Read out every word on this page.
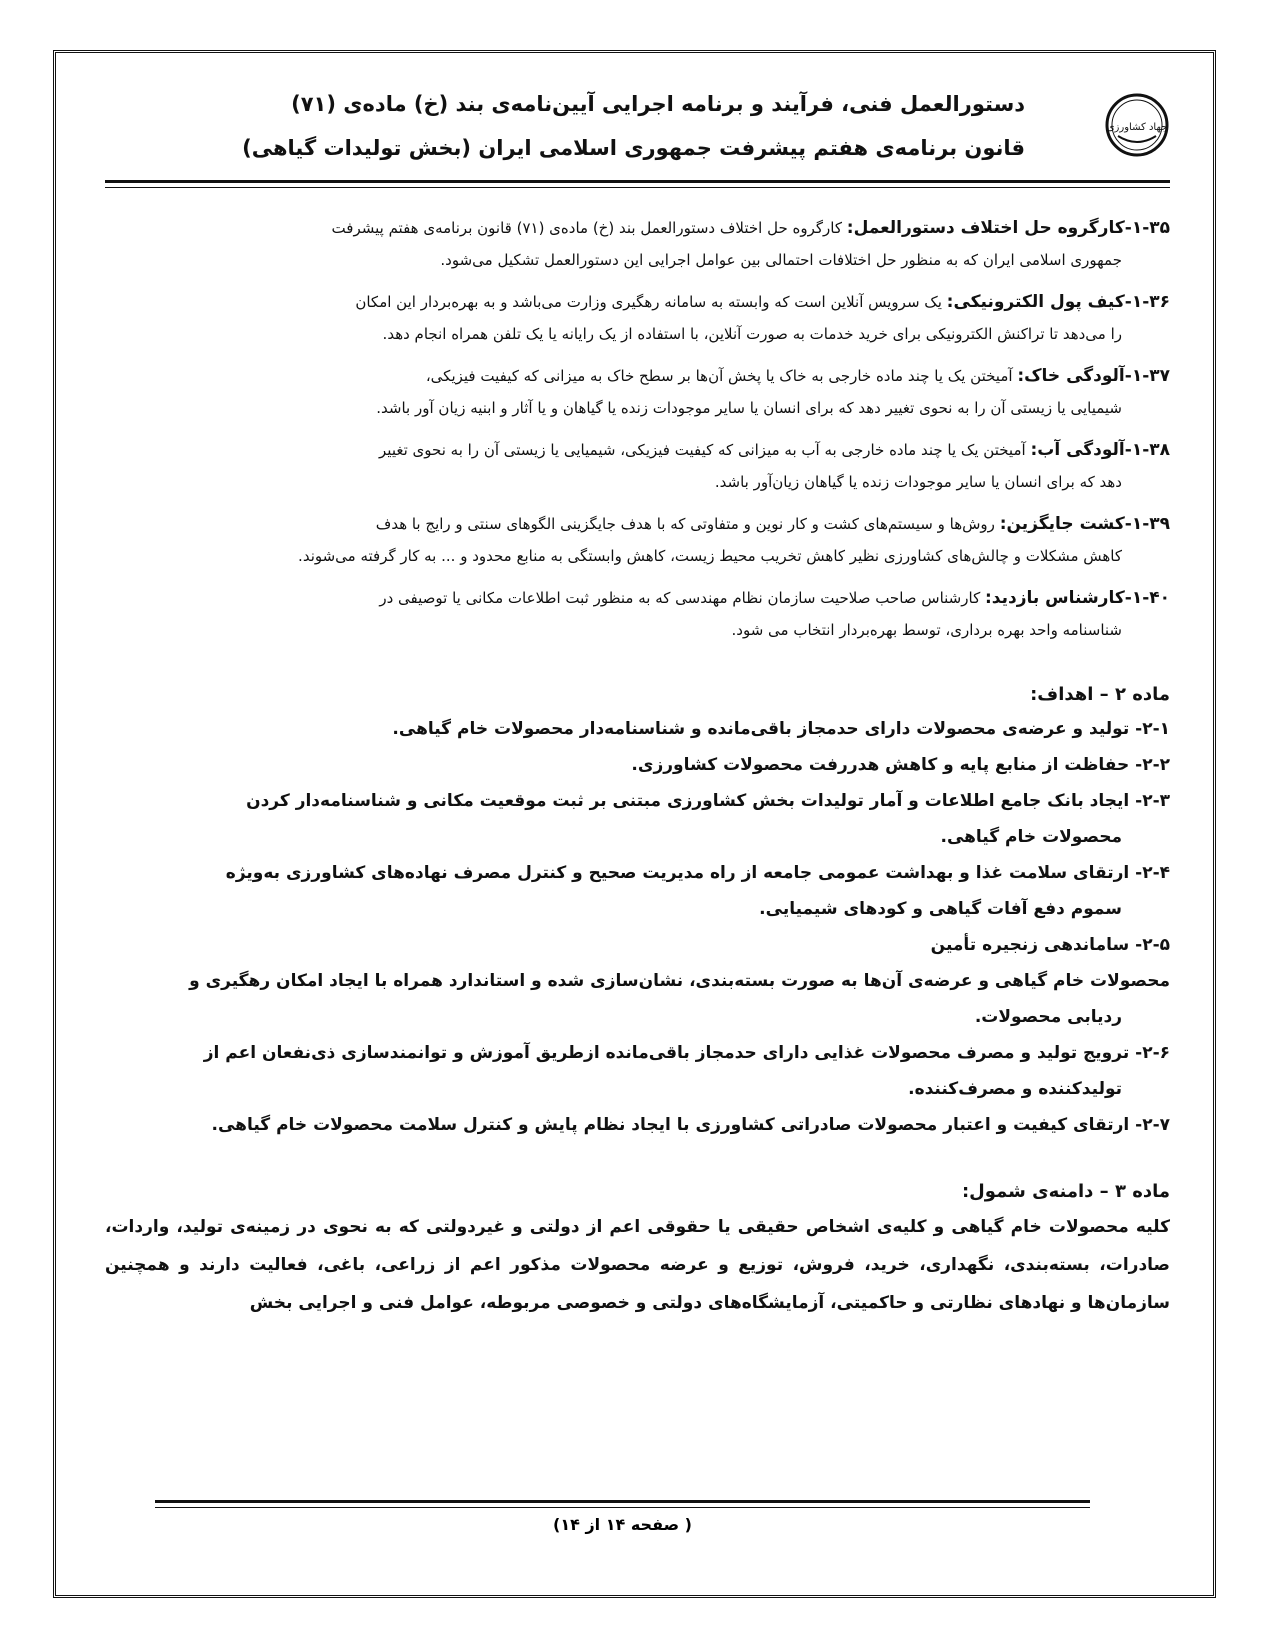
دستورالعمل فنی، فرآیند و برنامه اجرایی آیین‌نامه‌ی بند (خ) ماده‌ی (۷۱)
قانون برنامه‌ی هفتم پیشرفت جمهوری اسلامی ایران (بخش تولیدات گیاهی)
جهاد کشاورزی
۱-۳۵-کارگروه حل اختلاف دستورالعمل: کارگروه حل اختلاف دستورالعمل بند (خ) ماده‌ی (۷۱) قانون برنامه‌ی هفتم پیشرفت
جمهوری اسلامی ایران که به منظور حل اختلافات احتمالی بین عوامل اجرایی این دستورالعمل تشکیل می‌شود.
۱-۳۶-کیف پول الکترونیکی: یک سرویس آنلاین است که وابسته به سامانه رهگیری وزارت می‌باشد و به بهره‌بردار این امکان
را می‌دهد تا تراکنش الکترونیکی برای خرید خدمات به صورت آنلاین، با استفاده از یک رایانه یا یک تلفن همراه انجام دهد.
۱-۳۷-آلودگی خاک: آمیختن یک یا چند ماده خارجی به خاک یا پخش آن‌ها بر سطح خاک به میزانی که کیفیت فیزیکی،
شیمیایی یا زیستی آن را به نحوی تغییر دهد که برای انسان یا سایر موجودات زنده یا گیاهان و یا آثار و ابنیه زیان آور باشد.
۱-۳۸-آلودگی آب: آمیختن یک یا چند ماده خارجی به آب به میزانی که کیفیت فیزیکی، شیمیایی یا زیستی آن را به نحوی تغییر
دهد که برای انسان یا سایر موجودات زنده یا گیاهان زیان‌آور باشد.
۱-۳۹-کشت جایگزین: روش‌ها و سیستم‌های کشت و کار نوین و متفاوتی که با هدف جایگزینی الگوهای سنتی و رایج با هدف
کاهش مشکلات و چالش‌های کشاورزی نظیر کاهش تخریب محیط زیست، کاهش وابستگی به منابع محدود و ... به کار گرفته می‌شوند.
۱-۴۰-کارشناس بازدید: کارشناس صاحب صلاحیت سازمان نظام مهندسی که به منظور ثبت اطلاعات مکانی یا توصیفی در
شناسنامه واحد بهره برداری، توسط بهره‌بردار انتخاب می شود.
ماده ۲ – اهداف:
۲-۱- تولید و عرضه‌ی محصولات دارای حدمجاز باقی‌مانده و شناسنامه‌دار محصولات خام گیاهی.
۲-۲- حفاظت از منابع پایه و کاهش هدررفت محصولات کشاورزی.
۲-۳- ایجاد بانک جامع اطلاعات و آمار تولیدات بخش کشاورزی مبتنی بر ثبت موقعیت مکانی و شناسنامه‌دار کردن
محصولات خام گیاهی.
۲-۴- ارتقای سلامت غذا و بهداشت عمومی جامعه از راه مدیریت صحیح و کنترل مصرف نهاده‌های کشاورزی به‌ویژه
سموم دفع آفات گیاهی و کودهای شیمیایی.
۲-۵- ساماندهی زنجیره تأمین
محصولات خام گیاهی و عرضه‌ی آن‌ها به صورت بسته‌بندی، نشان‌سازی شده و استاندارد همراه با ایجاد امکان رهگیری و
ردیابی محصولات.
۲-۶- ترویج تولید و مصرف محصولات غذایی دارای حدمجاز باقی‌مانده ازطریق آموزش و توانمندسازی ذی‌نفعان اعم از
تولیدکننده و مصرف‌کننده.
۲-۷- ارتقای کیفیت و اعتبار محصولات صادراتی کشاورزی با ایجاد نظام پایش و کنترل سلامت محصولات خام گیاهی.
ماده ۳ – دامنه‌ی شمول:
کلیه محصولات خام گیاهی و کلیه‌ی اشخاص حقیقی یا حقوقی اعم از دولتی و غیردولتی که به نحوی در زمینه‌ی تولید، واردات، صادرات، بسته‌بندی، نگهداری، خرید، فروش، توزیع و عرضه محصولات مذکور اعم از زراعی، باغی، فعالیت دارند و همچنین سازمان‌ها و نهادهای نظارتی و حاکمیتی، آزمایشگاه‌های دولتی و خصوصی مربوطه، عوامل فنی و اجرایی بخش
( صفحه ۱۴ از ۱۴)
